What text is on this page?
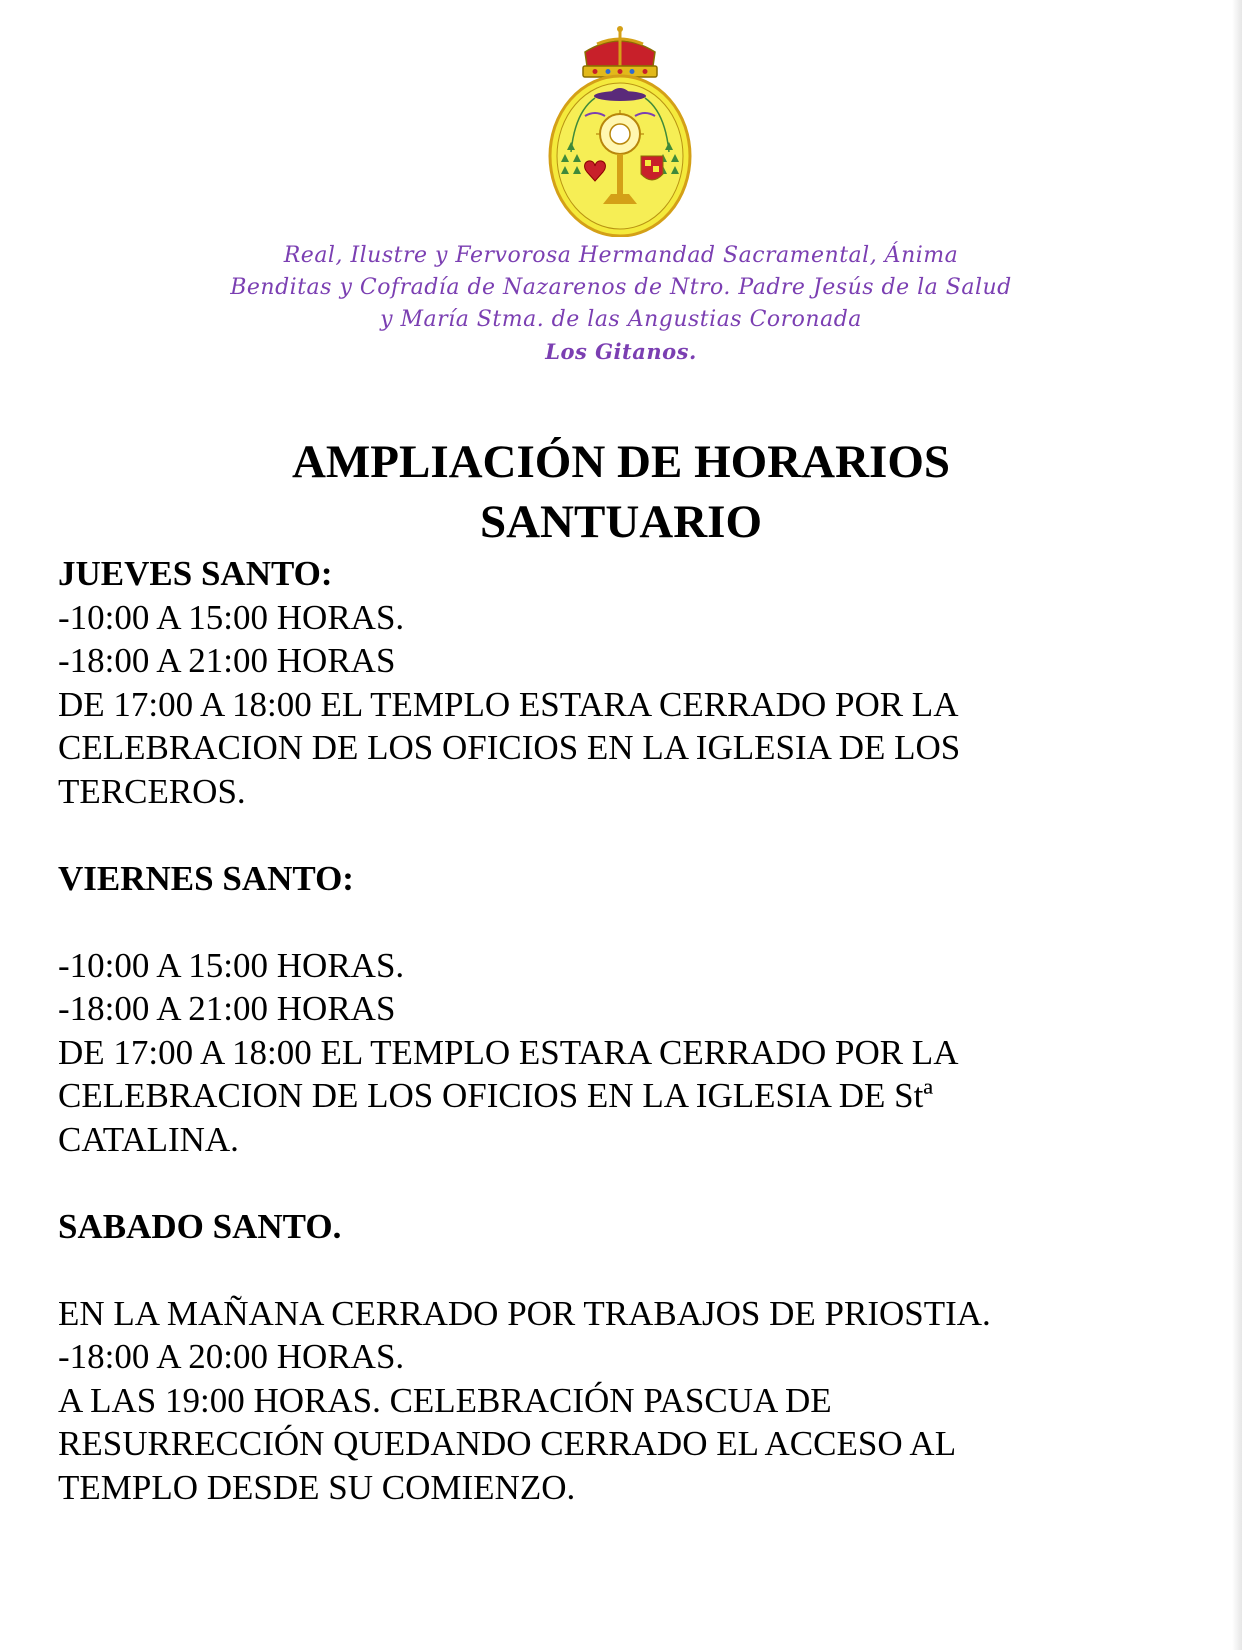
Real, Ilustre y Fervorosa Hermandad Sacramental, Ánima
Benditas y Cofradía de Nazarenos de Ntro. Padre Jesús de la Salud
y María Stma. de las Angustias Coronada
Los Gitanos.
AMPLIACIÓN DE HORARIOS
SANTUARIO
JUEVES SANTO:
-10:00 A 15:00 HORAS.
-18:00 A 21:00 HORAS
DE 17:00 A 18:00 EL TEMPLO ESTARA CERRADO POR LA
CELEBRACION DE LOS OFICIOS EN LA IGLESIA DE LOS
TERCEROS.
VIERNES SANTO:
-10:00 A 15:00 HORAS.
-18:00 A 21:00 HORAS
DE 17:00 A 18:00 EL TEMPLO ESTARA CERRADO POR LA
CELEBRACION DE LOS OFICIOS EN LA IGLESIA DE Stª
CATALINA.
SABADO SANTO.
EN LA MAÑANA CERRADO POR TRABAJOS DE PRIOSTIA.
-18:00 A 20:00 HORAS.
A LAS 19:00 HORAS. CELEBRACIÓN PASCUA DE
RESURRECCIÓN QUEDANDO CERRADO EL ACCESO AL
TEMPLO DESDE SU COMIENZO.
